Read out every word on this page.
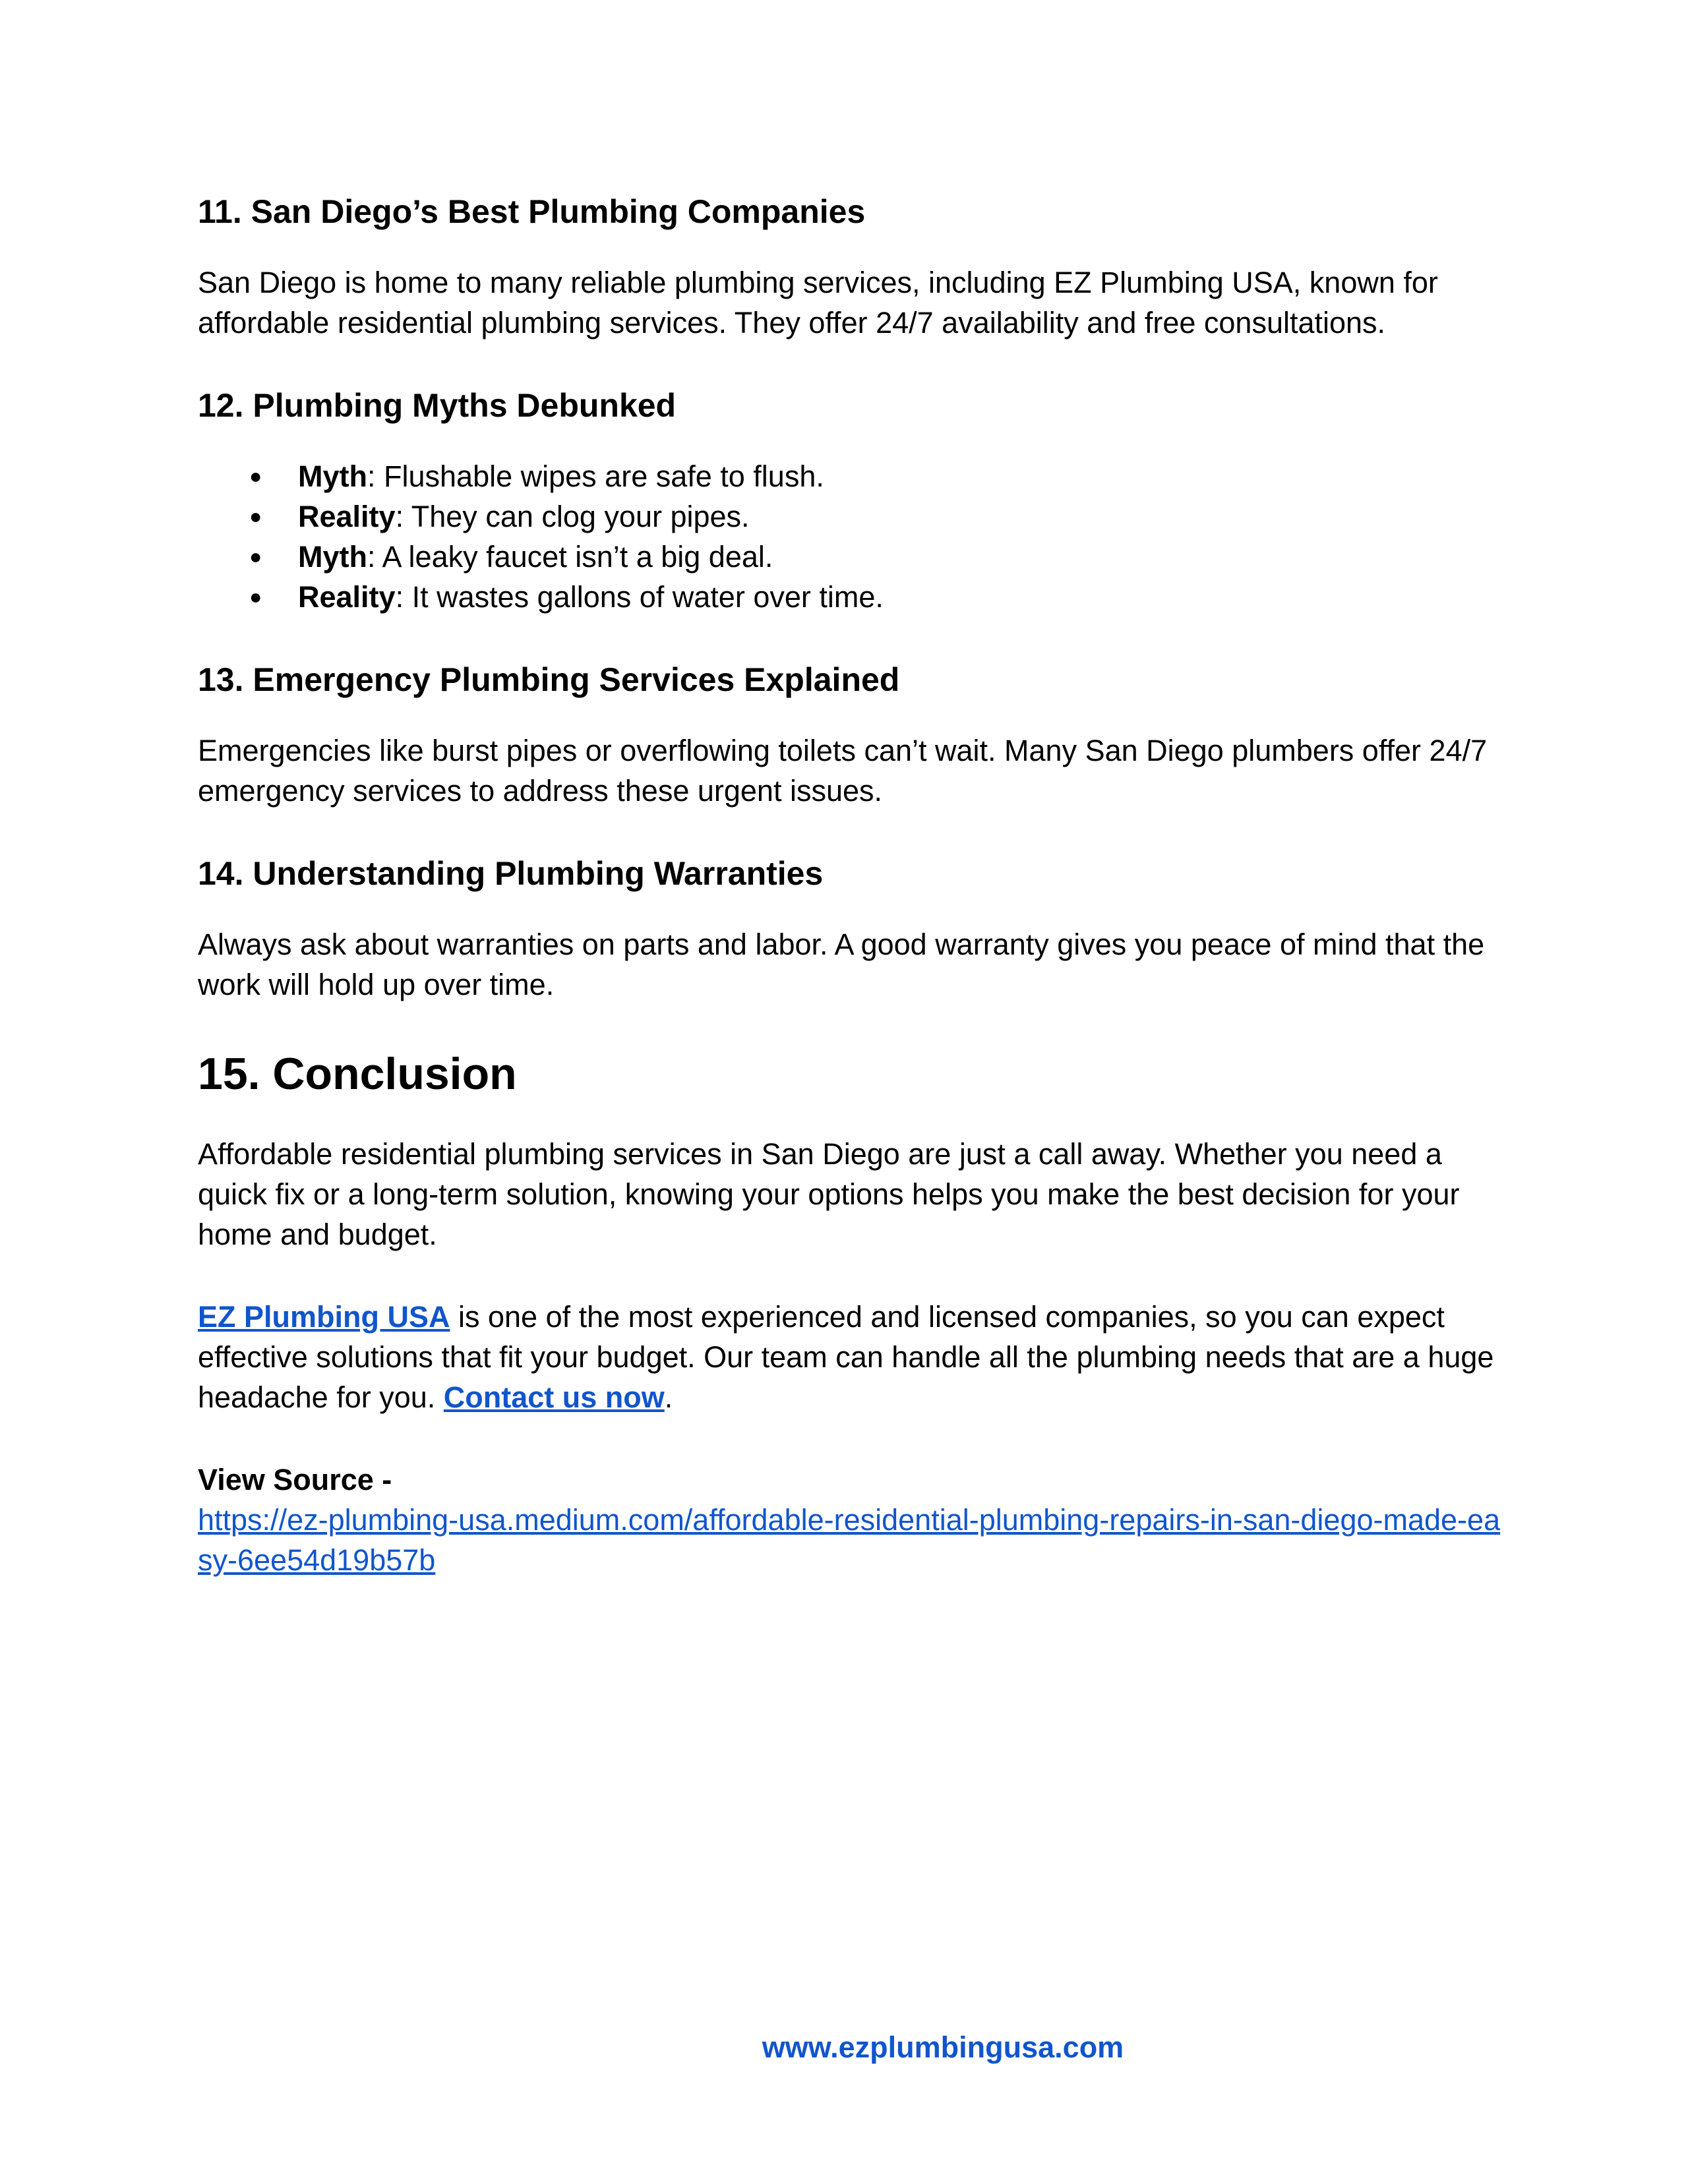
11. San Diego’s Best Plumbing Companies

San Diego is home to many reliable plumbing services, including EZ Plumbing USA, known for affordable residential plumbing services. They offer 24/7 availability and free consultations.

12. Plumbing Myths Debunked
● Myth: Flushable wipes are safe to flush.
● Reality: They can clog your pipes.
● Myth: A leaky faucet isn’t a big deal.
● Reality: It wastes gallons of water over time.
13. Emergency Plumbing Services Explained

Emergencies like burst pipes or overflowing toilets can’t wait. Many San Diego plumbers offer 24/7 emergency services to address these urgent issues.

14. Understanding Plumbing Warranties

Always ask about warranties on parts and labor. A good warranty gives you peace of mind that the work will hold up over time.

15. Conclusion

Affordable residential plumbing services in San Diego are just a call away. Whether you need a quick fix or a long-term solution, knowing your options helps you make the best decision for your home and budget.

EZ Plumbing USA is one of the most experienced and licensed companies, so you can expect effective solutions that fit your budget. Our team can handle all the plumbing needs that are a huge headache for you. Contact us now.

View Source -
https://ez-plumbing-usa.medium.com/affordable-residential-plumbing-repairs-in-san-diego-made-easy-6ee54d19b57b

www.ezplumbingusa.com
